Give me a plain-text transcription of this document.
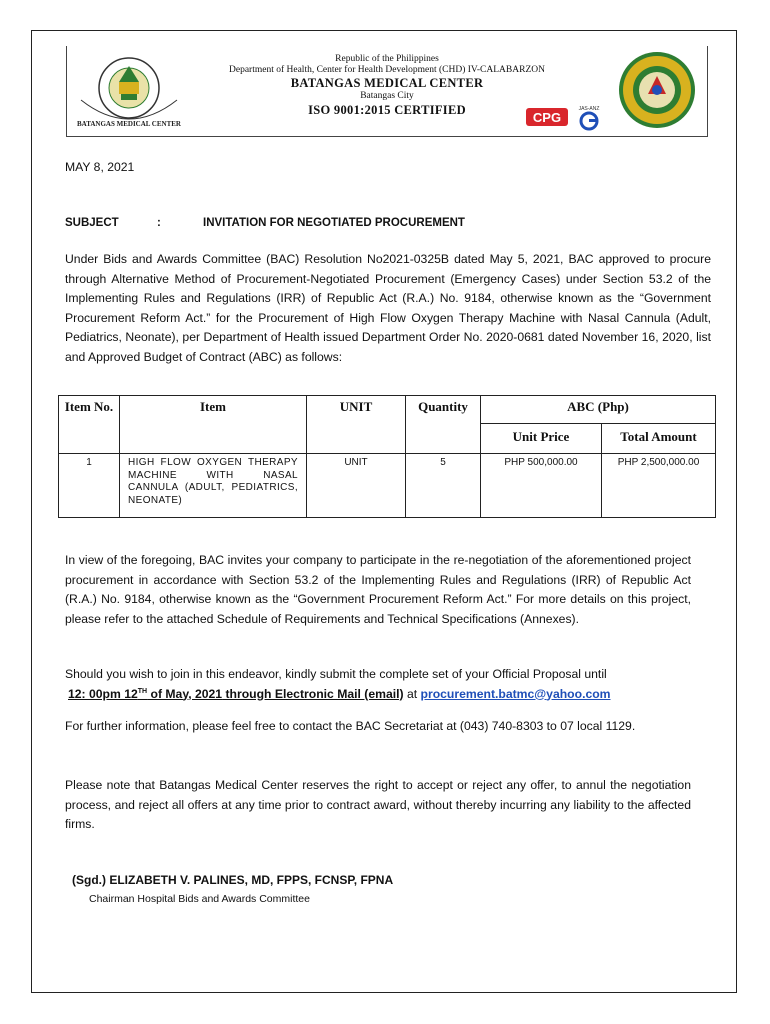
BATANGAS MEDICAL CENTER
Republic of the Philippines
Department of Health, Center for Health Development (CHD) IV-CALABARZON
BATANGAS MEDICAL CENTER
Batangas City
ISO 9001:2015 CERTIFIED	CPG
JAS-ANZ
MAY 8, 2021
SUBJECT	:	INVITATION FOR NEGOTIATED PROCUREMENT
Under Bids and Awards Committee (BAC) Resolution No2021-0325B dated May 5, 2021, BAC approved to procure through Alternative Method of Procurement-Negotiated Procurement (Emergency Cases) under Section 53.2 of the Implementing Rules and Regulations (IRR) of Republic Act (R.A.) No. 9184, otherwise known as the “Government Procurement Reform Act.” for the Procurement of High Flow Oxygen Therapy Machine with Nasal Cannula (Adult, Pediatrics, Neonate), per Department of Health issued Department Order No. 2020-0681 dated November 16, 2020, list and Approved Budget of Contract (ABC) as follows:
Item No.	Item	UNIT	Quantity	ABC (Php)	
				Unit Price	Total Amount
1	HIGH FLOW OXYGEN THERAPY MACHINE WITH NASAL CANNULA (ADULT, PEDIATRICS, NEONATE)	UNIT	5	PHP 500,000.00	PHP 2,500,000.00
In view of the foregoing, BAC invites your company to participate in the re-negotiation of the aforementioned project procurement in accordance with Section 53.2 of the Implementing Rules and Regulations (IRR) of Republic Act (R.A.) No. 9184, otherwise known as the “Government Procurement Reform Act.” For more details on this project, please refer to the attached Schedule of Requirements and Technical Specifications (Annexes).
Should you wish to join in this endeavor, kindly submit the complete set of your Official Proposal until
12: 00pm 12TH of May, 2021 through Electronic Mail (email) at procurement.batmc@yahoo.com
For further information, please feel free to contact the BAC Secretariat at (043) 740-8303 to 07 local 1129.
Please note that Batangas Medical Center reserves the right to accept or reject any offer, to annul the negotiation process, and reject all offers at any time prior to contract award, without thereby incurring any liability to the affected firms.
(Sgd.) ELIZABETH V. PALINES, MD, FPPS, FCNSP, FPNA
Chairman Hospital Bids and Awards Committee
